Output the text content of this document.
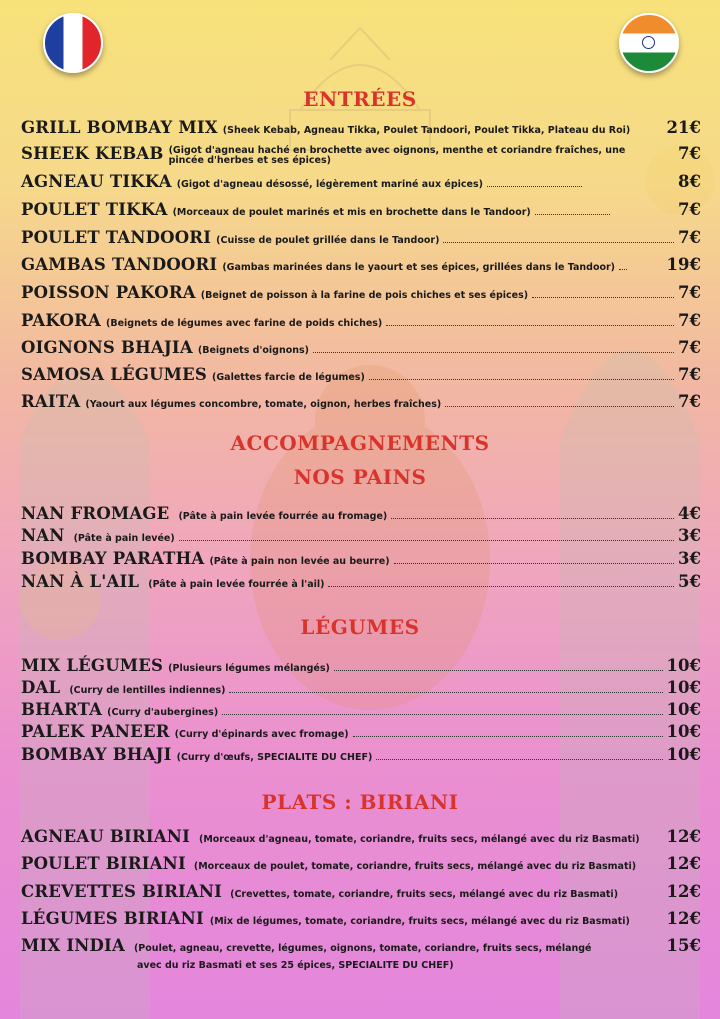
ENTRÉES
GRILL BOMBAY MIX (Sheek Kebab, Agneau Tikka, Poulet Tandoori, Poulet Tikka, Plateau du Roi) 21€
SHEEK KEBAB (Gigot d'agneau haché en brochette avec oignons, menthe et coriandre fraîches, une
pincée d'herbes et ses épices)	7€
AGNEAU TIKKA (Gigot d'agneau désossé, légèrement mariné aux épices)	8€
POULET TIKKA (Morceaux de poulet marinés et mis en brochette dans le Tandoor)	7€
POULET TANDOORI (Cuisse de poulet grillée dans le Tandoor)	7€
GAMBAS TANDOORI (Gambas marinées dans le yaourt et ses épices, grillées dans le Tandoor)	19€
POISSON PAKORA (Beignet de poisson à la farine de pois chiches et ses épices)	7€
PAKORA (Beignets de légumes avec farine de poids chiches)	7€
OIGNONS BHAJIA (Beignets d'oignons)	7€
SAMOSA LÉGUMES (Galettes farcie de légumes)	7€
RAITA (Yaourt aux légumes concombre, tomate, oignon, herbes fraîches)	7€
ACCOMPAGNEMENTS
NOS PAINS
NAN FROMAGE (Pâte à pain levée fourrée au fromage)	4€
NAN (Pâte à pain levée)	3€
BOMBAY PARATHA (Pâte à pain non levée au beurre)	3€
NAN À L'AIL (Pâte à pain levée fourrée à l'ail)	5€
LÉGUMES
MIX LÉGUMES (Plusieurs légumes mélangés)	10€
DAL (Curry de lentilles indiennes)	10€
BHARTA (Curry d'aubergines)	10€
PALEK PANEER (Curry d'épinards avec fromage)	10€
BOMBAY BHAJI (Curry d'œufs, SPECIALITE DU CHEF)	10€
PLATS : BIRIANI
AGNEAU BIRIANI (Morceaux d'agneau, tomate, coriandre, fruits secs, mélangé avec du riz Basmati) 12€
POULET BIRIANI (Morceaux de poulet, tomate, coriandre, fruits secs, mélangé avec du riz Basmati) 12€
CREVETTES BIRIANI (Crevettes, tomate, coriandre, fruits secs, mélangé avec du riz Basmati)	12€
LÉGUMES BIRIANI (Mix de légumes, tomate, coriandre, fruits secs, mélangé avec du riz Basmati) 12€
MIX INDIA (Poulet, agneau, crevette, légumes, oignons, tomate, coriandre, fruits secs, mélangé	15€
avec du riz Basmati et ses 25 épices, SPECIALITE DU CHEF)
